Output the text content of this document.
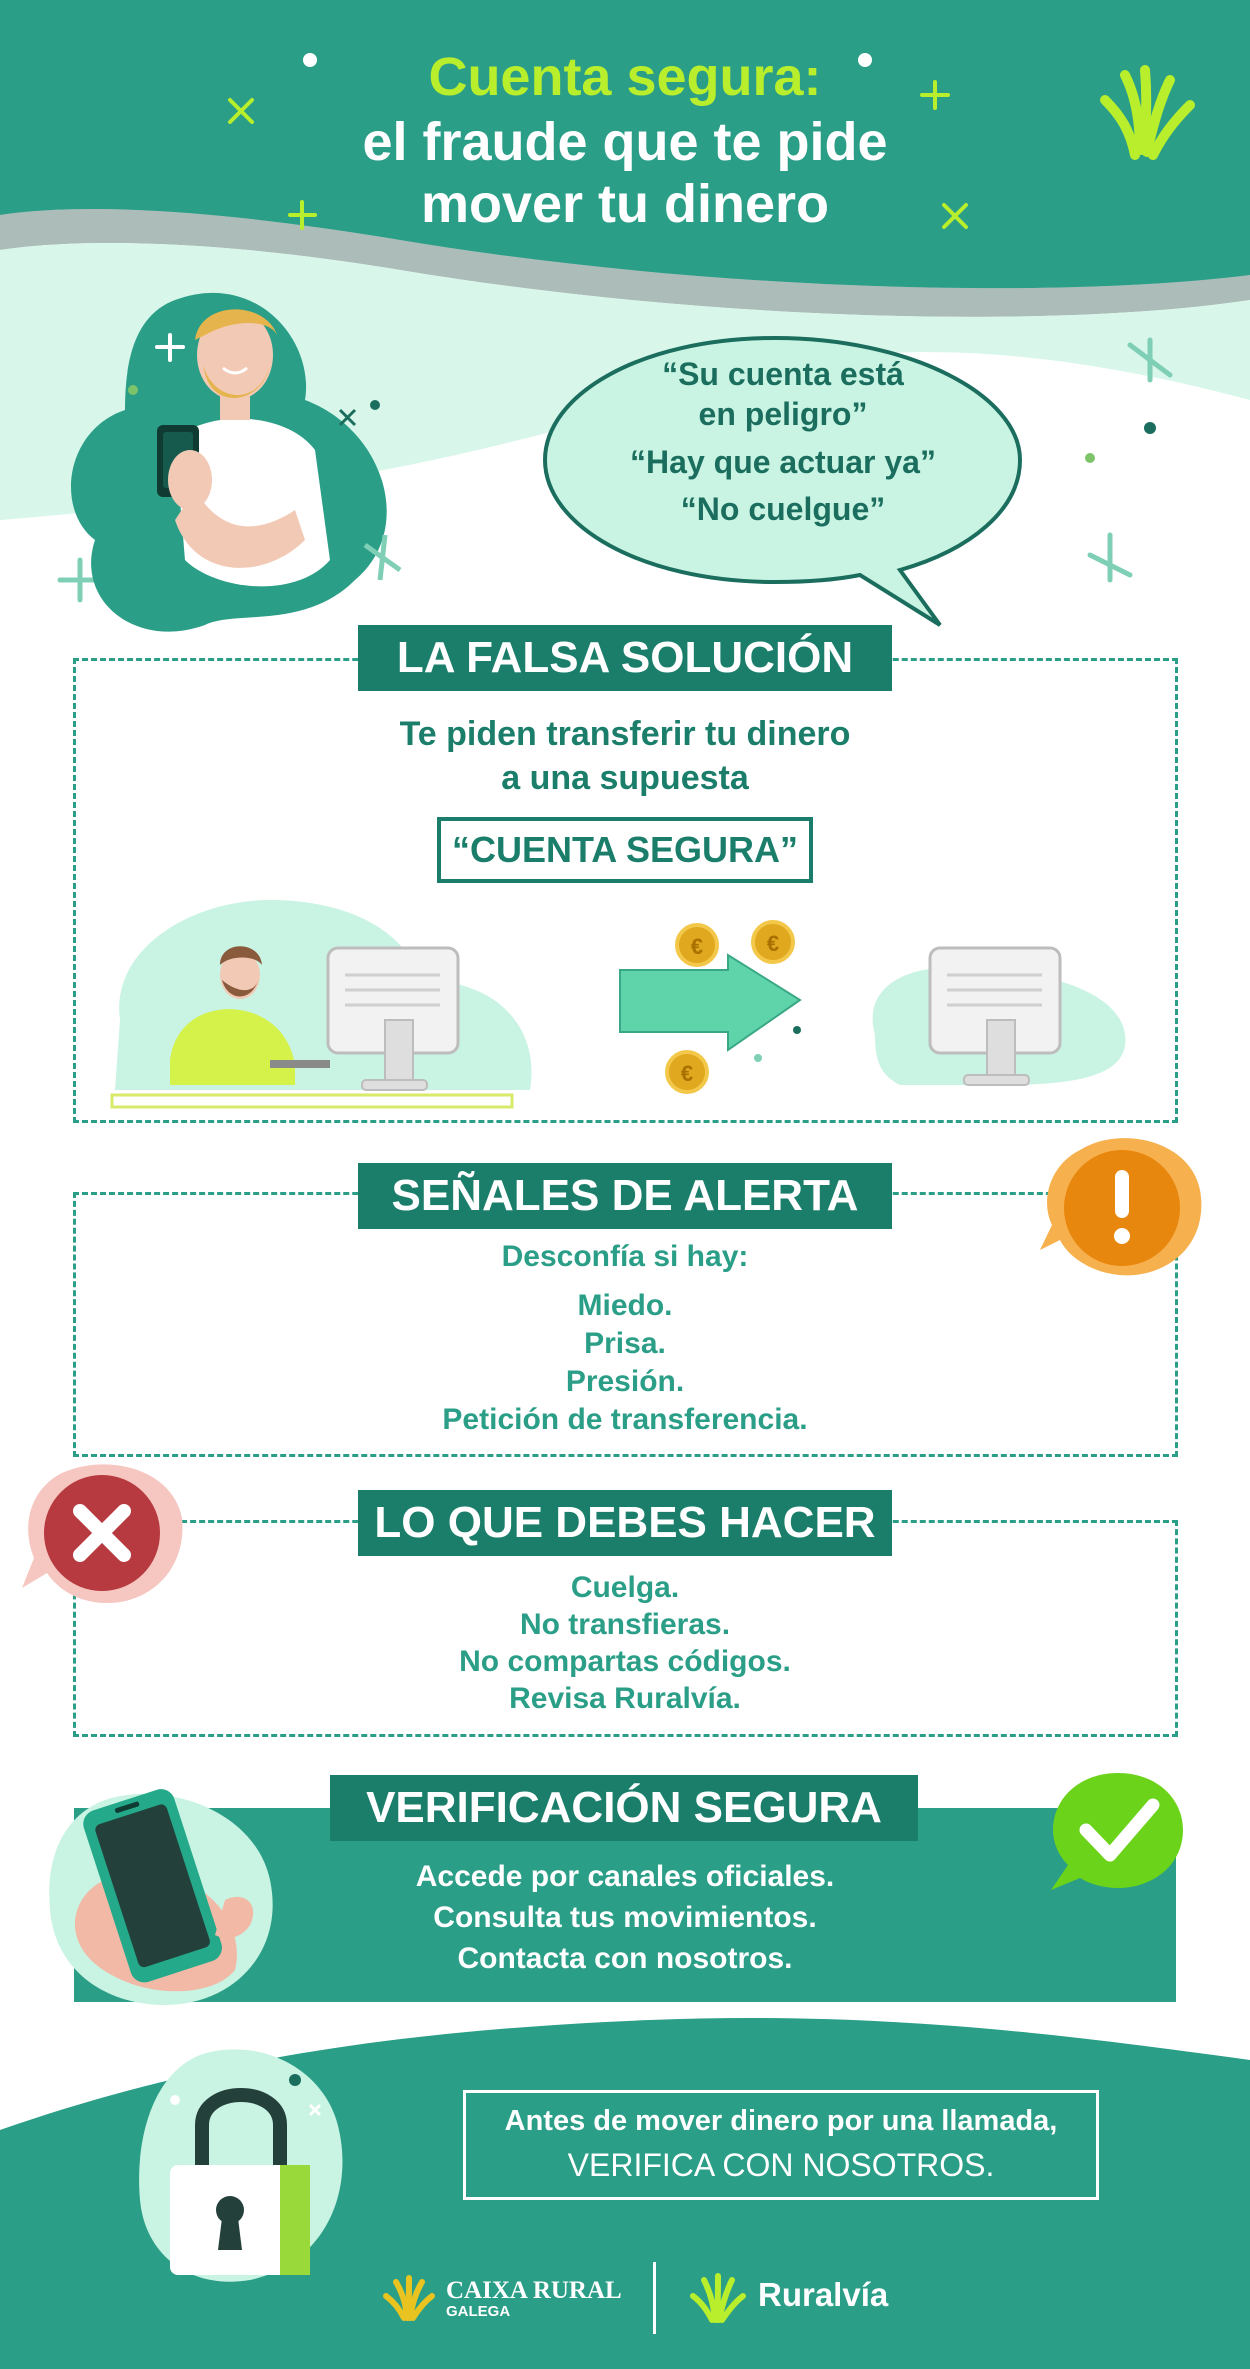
Cuenta segura:
el fraude que te pide
mover tu dinero
“Su cuenta está
en peligro”
“Hay que actuar ya”
“No cuelgue”
LA FALSA SOLUCIÓN
Te piden transferir tu dinero
a una supuesta
“CUENTA SEGURA”
€	€
€
SEÑALES DE ALERTA
Desconfía si hay:
Miedo.
Prisa.
Presión.
Petición de transferencia.
LO QUE DEBES HACER
Cuelga.
No transfieras.
No compartas códigos.
Revisa Ruralvía.
VERIFICACIÓN SEGURA
Accede por canales oficiales.
Consulta tus movimientos.
Contacta con nosotros.
Antes de mover dinero por una llamada,
VERIFICA CON NOSOTROS.
CAIXA RURAL
GALEGA	Ruralvía
